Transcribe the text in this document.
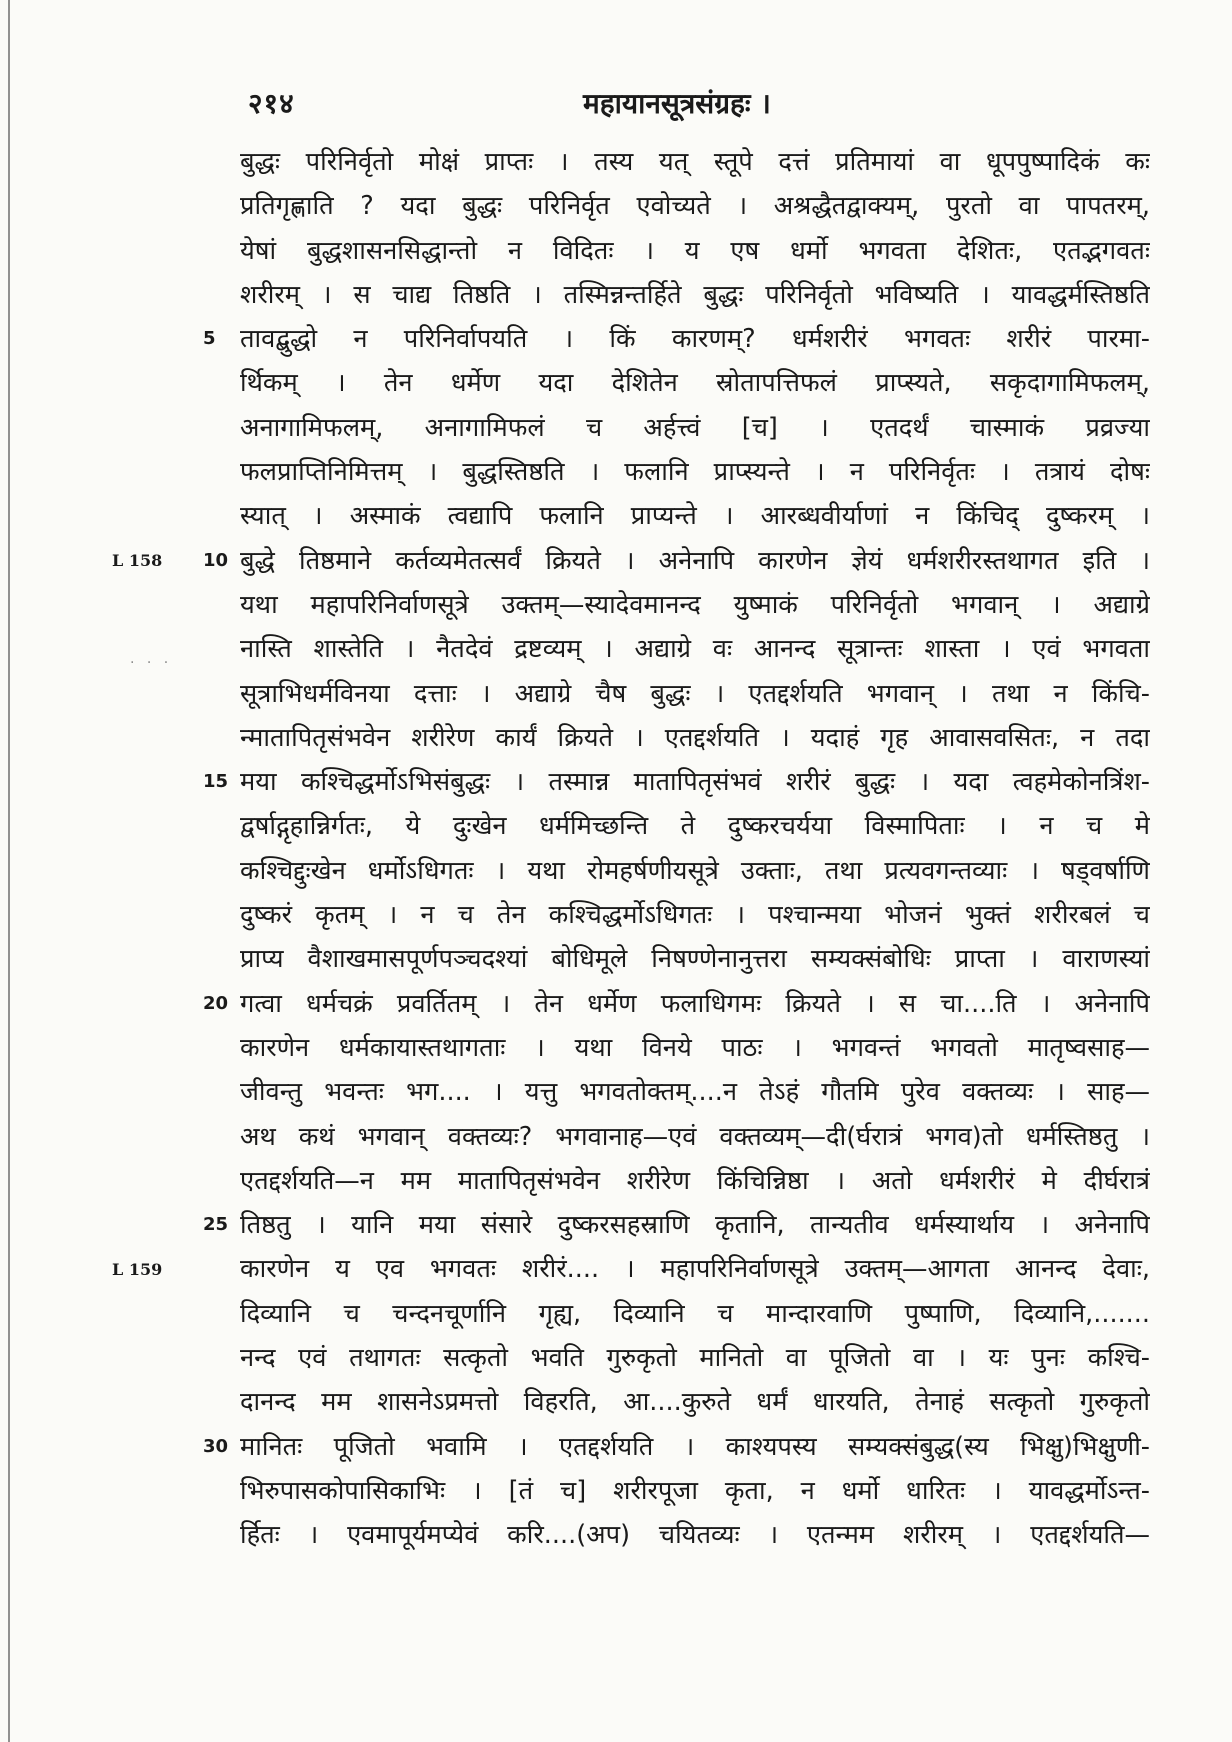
२१४	महायानसूत्रसंग्रहः ।
· · ·
5
10
15
20
25
30
L 158
L 159
बुद्धः परिनिर्वृतो मोक्षं प्राप्तः । तस्य यत् स्तूपे दत्तं प्रतिमायां वा धूपपुष्पादिकं कः
प्रतिगृह्णाति ? यदा बुद्धः परिनिर्वृत एवोच्यते । अश्रद्धैतद्वाक्यम्, पुरतो वा पापतरम्,
येषां बुद्धशासनसिद्धान्तो न विदितः । य एष धर्मो भगवता देशितः, एतद्भगवतः
शरीरम् । स चाद्य तिष्ठति । तस्मिन्नन्तर्हिते बुद्धः परिनिर्वृतो भविष्यति । यावद्धर्मस्तिष्ठति
तावद्बुद्धो न परिनिर्वापयति । किं कारणम्? धर्मशरीरं भगवतः शरीरं पारमा-
र्थिकम् । तेन धर्मेण यदा देशितेन स्रोतापत्तिफलं प्राप्स्यते, सकृदागामिफलम्,
अनागामिफलम्, अनागामिफलं च अर्हत्त्वं [च] । एतदर्थं चास्माकं प्रव्रज्या
फलप्राप्तिनिमित्तम् । बुद्धस्तिष्ठति । फलानि प्राप्स्यन्ते । न परिनिर्वृतः । तत्रायं दोषः
स्यात् । अस्माकं त्वद्यापि फलानि प्राप्यन्ते । आरब्धवीर्याणां न किंचिद् दुष्करम् ।
बुद्धे तिष्ठमाने कर्तव्यमेतत्सर्वं क्रियते । अनेनापि कारणेन ज्ञेयं धर्मशरीरस्तथागत इति ।
यथा महापरिनिर्वाणसूत्रे उक्तम्—स्यादेवमानन्द युष्माकं परिनिर्वृतो भगवान् । अद्याग्रे
नास्ति शास्तेति । नैतदेवं द्रष्टव्यम् । अद्याग्रे वः आनन्द सूत्रान्तः शास्ता । एवं भगवता
सूत्राभिधर्मविनया दत्ताः । अद्याग्रे चैष बुद्धः । एतद्दर्शयति भगवान् । तथा न किंचि-
न्मातापितृसंभवेन शरीरेण कार्यं क्रियते । एतद्दर्शयति । यदाहं गृह आवासवसितः, न तदा
मया कश्चिद्धर्मोऽभिसंबुद्धः । तस्मान्न मातापितृसंभवं शरीरं बुद्धः । यदा त्वहमेकोनत्रिंश-
द्वर्षाद्गृहान्निर्गतः, ये दुःखेन धर्ममिच्छन्ति ते दुष्करचर्यया विस्मापिताः । न च मे
कश्चिद्दुःखेन धर्मोऽधिगतः । यथा रोमहर्षणीयसूत्रे उक्ताः, तथा प्रत्यवगन्तव्याः । षड्वर्षाणि
दुष्करं कृतम् । न च तेन कश्चिद्धर्मोऽधिगतः । पश्चान्मया भोजनं भुक्तं शरीरबलं च
प्राप्य वैशाखमासपूर्णपञ्चदश्यां बोधिमूले निषण्णेनानुत्तरा सम्यक्संबोधिः प्राप्ता । वाराणस्यां
गत्वा धर्मचक्रं प्रवर्तितम् । तेन धर्मेण फलाधिगमः क्रियते । स चा....ति । अनेनापि
कारणेन धर्मकायास्तथागताः । यथा विनये पाठः । भगवन्तं भगवतो मातृष्वसाह—
जीवन्तु भवन्तः भग.... । यत्तु भगवतोक्तम्....न तेऽहं गौतमि पुरेव वक्तव्यः । साह—
अथ कथं भगवान् वक्तव्यः? भगवानाह—एवं वक्तव्यम्—दी(र्घरात्रं भगव)तो धर्मस्तिष्ठतु ।
एतद्दर्शयति—न मम मातापितृसंभवेन शरीरेण किंचिन्निष्ठा । अतो धर्मशरीरं मे दीर्घरात्रं
तिष्ठतु । यानि मया संसारे दुष्करसहस्राणि कृतानि, तान्यतीव धर्मस्यार्थाय । अनेनापि
कारणेन य एव भगवतः शरीरं.... । महापरिनिर्वाणसूत्रे उक्तम्—आगता आनन्द देवाः,
दिव्यानि च चन्दनचूर्णानि गृह्य, दिव्यानि च मान्दारवाणि पुष्पाणि, दिव्यानि,.......
नन्द एवं तथागतः सत्कृतो भवति गुरुकृतो मानितो वा पूजितो वा । यः पुनः कश्चि-
दानन्द मम शासनेऽप्रमत्तो विहरति, आ....कुरुते धर्मं धारयति, तेनाहं सत्कृतो गुरुकृतो
मानितः पूजितो भवामि । एतद्दर्शयति । काश्यपस्य सम्यक्संबुद्ध(स्य भिक्षु)भिक्षुणी-
भिरुपासकोपासिकाभिः । [तं च] शरीरपूजा कृता, न धर्मो धारितः । यावद्धर्मोऽन्त-
र्हितः । एवमापूर्यमप्येवं करि....(अप) चयितव्यः । एतन्मम शरीरम् । एतद्दर्शयति—
